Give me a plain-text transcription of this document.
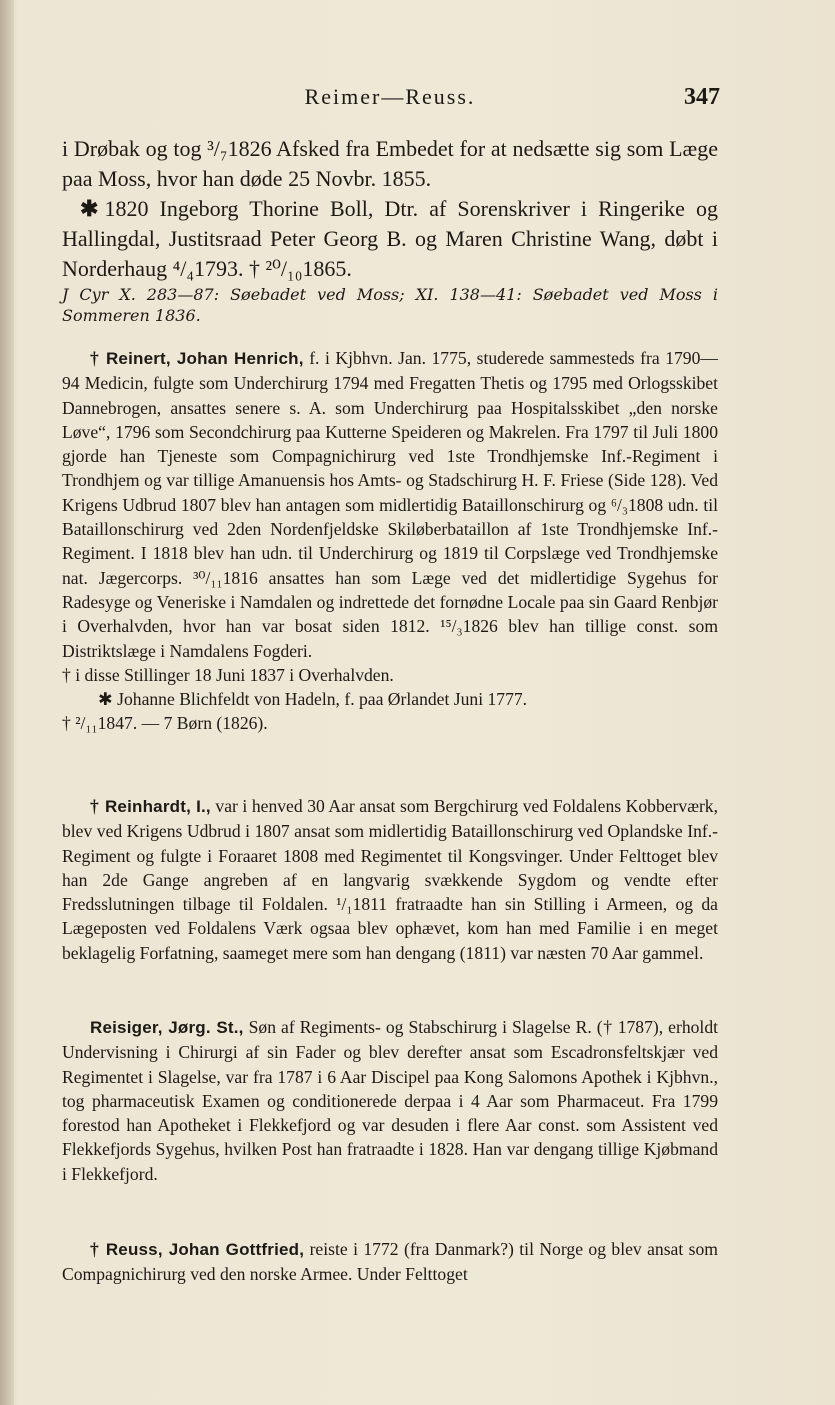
Reimer—Reuss.	347

i Drøbak og tog ³/₇1826 Afsked fra Embedet for at nedsætte sig som Læge paa Moss, hvor han døde 25 Novbr. 1855.

✱ 1820 Ingeborg Thorine Boll, Dtr. af Sorenskriver i Ringerike og Hallingdal, Justitsraad Peter Georg B. og Maren Christine Wang, døbt i Norderhaug ⁴/₄1793. † ²⁰/₁₀1865.

J Cyr X. 283—87: Søebadet ved Moss; XI. 138—41: Søebadet ved Moss i Sommeren 1836.

† Reinert, Johan Henrich, f. i Kjbhvn. Jan. 1775, studerede sammesteds fra 1790—94 Medicin, fulgte som Underchirurg 1794 med Fregatten Thetis og 1795 med Orlogsskibet Dannebrogen, ansattes senere s. A. som Underchirurg paa Hospitalsskibet „den norske Løve“, 1796 som Secondchirurg paa Kutterne Speideren og Makrelen. Fra 1797 til Juli 1800 gjorde han Tjeneste som Compagnichirurg ved 1ste Trondhjemske Inf.-Regiment i Trondhjem og var tillige Amanuensis hos Amts- og Stadschirurg H. F. Friese (Side 128). Ved Krigens Udbrud 1807 blev han antagen som midlertidig Bataillonschirurg og ⁶/₃1808 udn. til Bataillonschirurg ved 2den Nordenfjeldske Skiløberbataillon af 1ste Trondhjemske Inf.-Regiment. I 1818 blev han udn. til Underchirurg og 1819 til Corpslæge ved Trondhjemske nat. Jægercorps. ³⁰/₁₁1816 ansattes han som Læge ved det midlertidige Sygehus for Radesyge og Veneriske i Namdalen og indrettede det fornødne Locale paa sin Gaard Renbjør i Overhalvden, hvor han var bosat siden 1812. ¹⁵/₃1826 blev han tillige const. som Distriktslæge i Namdalens Fogderi.

† i disse Stillinger 18 Juni 1837 i Overhalvden.

✱ Johanne Blichfeldt von Hadeln, f. paa Ørlandet Juni 1777.

† ²/₁₁1847. — 7 Børn (1826).

† Reinhardt, I., var i henved 30 Aar ansat som Bergchirurg ved Foldalens Kobberværk, blev ved Krigens Udbrud i 1807 ansat som midlertidig Bataillonschirurg ved Oplandske Inf.-Regiment og fulgte i Foraaret 1808 med Regimentet til Kongsvinger. Under Felttoget blev han 2de Gange angreben af en langvarig svækkende Sygdom og vendte efter Fredsslutningen tilbage til Foldalen. ¹/₁1811 fratraadte han sin Stilling i Armeen, og da Lægeposten ved Foldalens Værk ogsaa blev ophævet, kom han med Familie i en meget beklagelig Forfatning, saameget mere som han dengang (1811) var næsten 70 Aar gammel.

Reisiger, Jørg. St., Søn af Regiments- og Stabschirurg i Slagelse R. († 1787), erholdt Undervisning i Chirurgi af sin Fader og blev derefter ansat som Escadronsfeltskjær ved Regimentet i Slagelse, var fra 1787 i 6 Aar Discipel paa Kong Salomons Apothek i Kjbhvn., tog pharmaceutisk Examen og conditionerede derpaa i 4 Aar som Pharmaceut. Fra 1799 forestod han Apotheket i Flekkefjord og var desuden i flere Aar const. som Assistent ved Flekkefjords Sygehus, hvilken Post han fratraadte i 1828. Han var dengang tillige Kjøbmand i Flekkefjord.

† Reuss, Johan Gottfried, reiste i 1772 (fra Danmark?) til Norge og blev ansat som Compagnichirurg ved den norske Armee. Under Felttoget
